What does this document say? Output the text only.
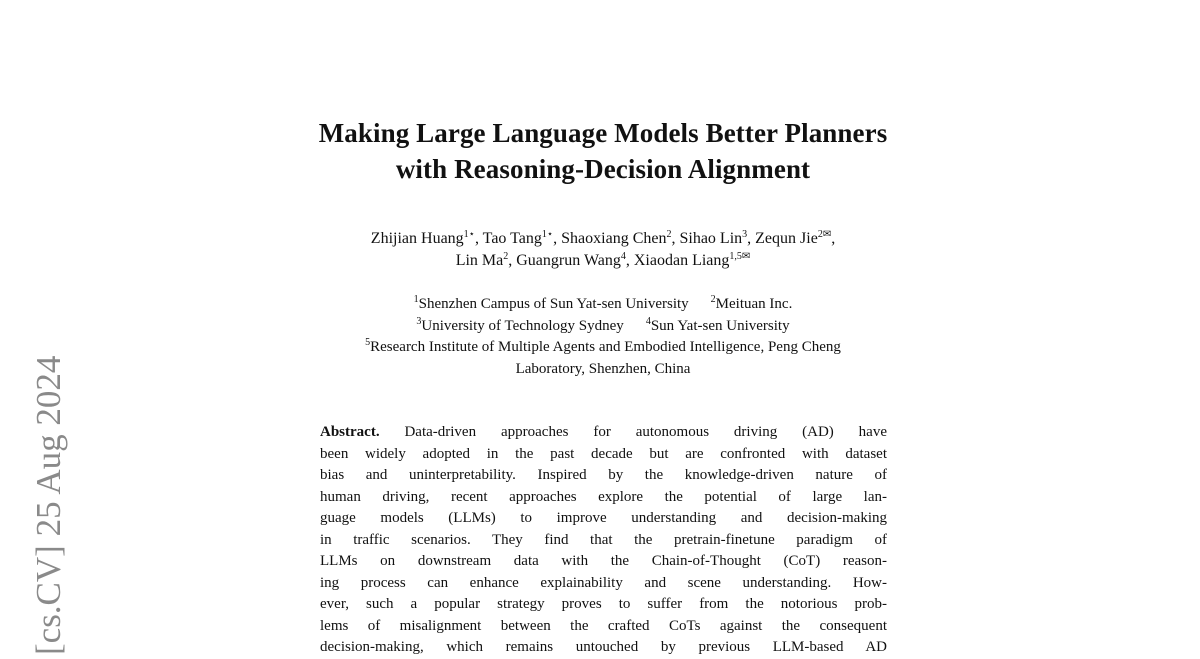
[cs.CV] 25 Aug 2024
Making Large Language Models Better Planners
with Reasoning-Decision Alignment
Zhijian Huang$^{1⋆}$, Tao Tang$^{1⋆}$, Shaoxiang Chen$^2$, Sihao Lin$^3$, Zequn Jie$^{2✉}$,
Lin Ma$^2$, Guangrun Wang$^4$, Xiaodan Liang$^{1,5✉}$
$^1$Shenzhen Campus of Sun Yat-sen University $^2$Meituan Inc.
$^3$University of Technology Sydney $^4$Sun Yat-sen University
$^5$Research Institute of Multiple Agents and Embodied Intelligence, Peng Cheng
Laboratory, Shenzhen, China
Abstract. Data-driven approaches for autonomous driving (AD) have
been widely adopted in the past decade but are confronted with dataset
bias and uninterpretability. Inspired by the knowledge-driven nature of
human driving, recent approaches explore the potential of large lan-
guage models (LLMs) to improve understanding and decision-making
in traffic scenarios. They find that the pretrain-finetune paradigm of
LLMs on downstream data with the Chain-of-Thought (CoT) reason-
ing process can enhance explainability and scene understanding. How-
ever, such a popular strategy proves to suffer from the notorious prob-
lems of misalignment between the crafted CoTs against the consequent
decision-making, which remains untouched by previous LLM-based AD
